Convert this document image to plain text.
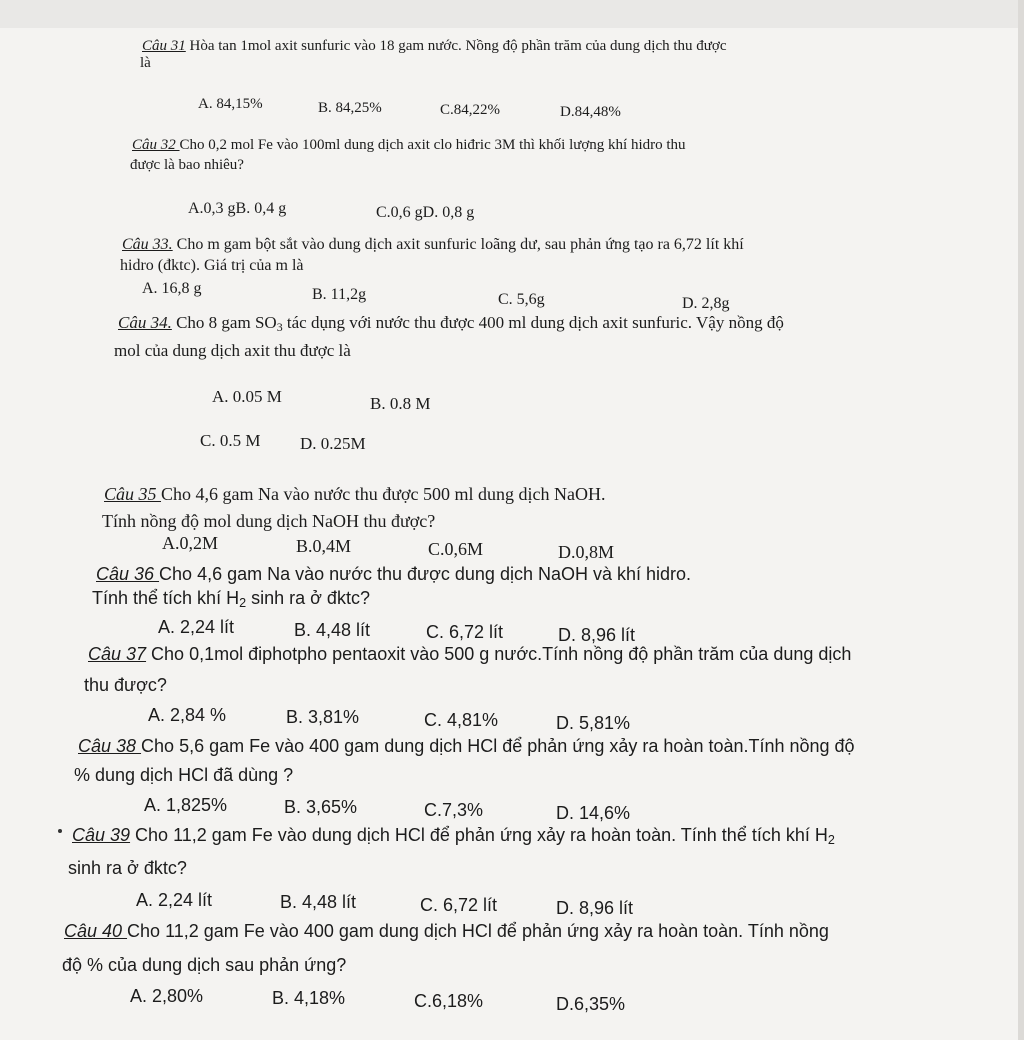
Câu 31 Hòa tan 1mol axit sunfuric vào 18 gam nước. Nồng độ phần trăm của dung dịch thu được
là
A. 84,15%	B. 84,25%	C.84,22%	D.84,48%
Câu 32 Cho 0,2 mol Fe vào 100ml dung dịch axit clo hiđric 3M thì khối lượng khí hidro thu
được là bao nhiêu?
A.0,3 gB. 0,4 g	C.0,6 gD. 0,8 g
Câu 33. Cho m gam bột sắt vào dung dịch axit sunfuric loãng dư, sau phản ứng tạo ra 6,72 lít khí
hidro (đktc). Giá trị của m là
A. 16,8 g	B. 11,2g	C. 5,6g	D. 2,8g
Câu 34. Cho 8 gam $SO_3$ tác dụng với nước thu được 400 ml dung dịch axit sunfuric. Vậy nồng độ
mol của dung dịch axit thu được là
A. 0.05 M	B. 0.8 M
C. 0.5 M D. 0.25M
Câu 35 Cho 4,6 gam Na vào nước thu được 500 ml dung dịch NaOH.
Tính nồng độ mol dung dịch NaOH thu được?
A.0,2M	B.0,4M	C.0,6M	D.0,8M
Câu 36 Cho 4,6 gam Na vào nước thu được dung dịch NaOH và khí hidro.
Tính thể tích khí $H_2$ sinh ra ở đktc?
A. 2,24 lít	B. 4,48 lít	C. 6,72 lít	D. 8,96 lít
Câu 37 Cho 0,1mol điphotpho pentaoxit vào 500 g nước.Tính nồng độ phần trăm của dung dịch
thu được?
A. 2,84 %	B. 3,81%	C. 4,81%	D. 5,81%
Câu 38 Cho 5,6 gam Fe vào 400 gam dung dịch HCl để phản ứng xảy ra hoàn toàn.Tính nồng độ
% dung dịch HCl đã dùng ?
A. 1,825%	B. 3,65%	C.7,3%	D. 14,6%
Câu 39 Cho 11,2 gam Fe vào dung dịch HCl để phản ứng xảy ra hoàn toàn. Tính thể tích khí $H_2$
sinh ra ở đktc?
A. 2,24 lít	B. 4,48 lít	C. 6,72 lít	D. 8,96 lít
Câu 40 Cho 11,2 gam Fe vào 400 gam dung dịch HCl để phản ứng xảy ra hoàn toàn. Tính nồng
độ % của dung dịch sau phản ứng?
A. 2,80%	B. 4,18%	C.6,18%	D.6,35%
